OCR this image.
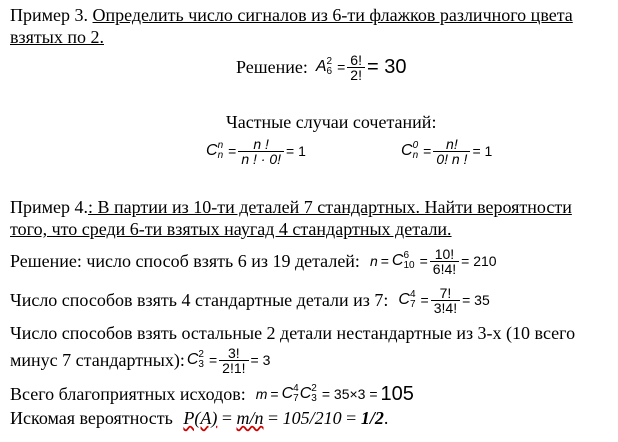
Пример 3. Определить число сигналов из 6-ти флажков различного цвета
взятых по 2.
Решение: A 2
$6 = \frac{6!}{2!} = 30$
Частные случаи сочетаний:
C n
$n = \frac{n !}{n ! \cdot 0!} = 1$	C 0
$n = \frac{n!}{0! n !} = 1$
Пример 4.: В партии из 10-ти деталей 7 стандартных. Найти вероятности
того, что среди 6-ти взятых наугад 4 стандартных детали.
Решение: число способ взять 6 из 19 деталей: n = C 6
$10 = \frac{10!}{6!4!} = 210$
Число способов взять 4 стандартные детали из 7: C 4
$7 = \frac{7!}{3!4!} = 35$
Число способов взять остальные 2 детали нестандартные из 3-х (10 всего
минус 7 стандартных): C 2
$3 = \frac{3!}{2!1!} = 3$
Всего благоприятных исходов: m = C 4
7 C 2
3 = 35×3 = 105
Искомая вероятность P(A) = m/n = 105/210 = 1/2.
